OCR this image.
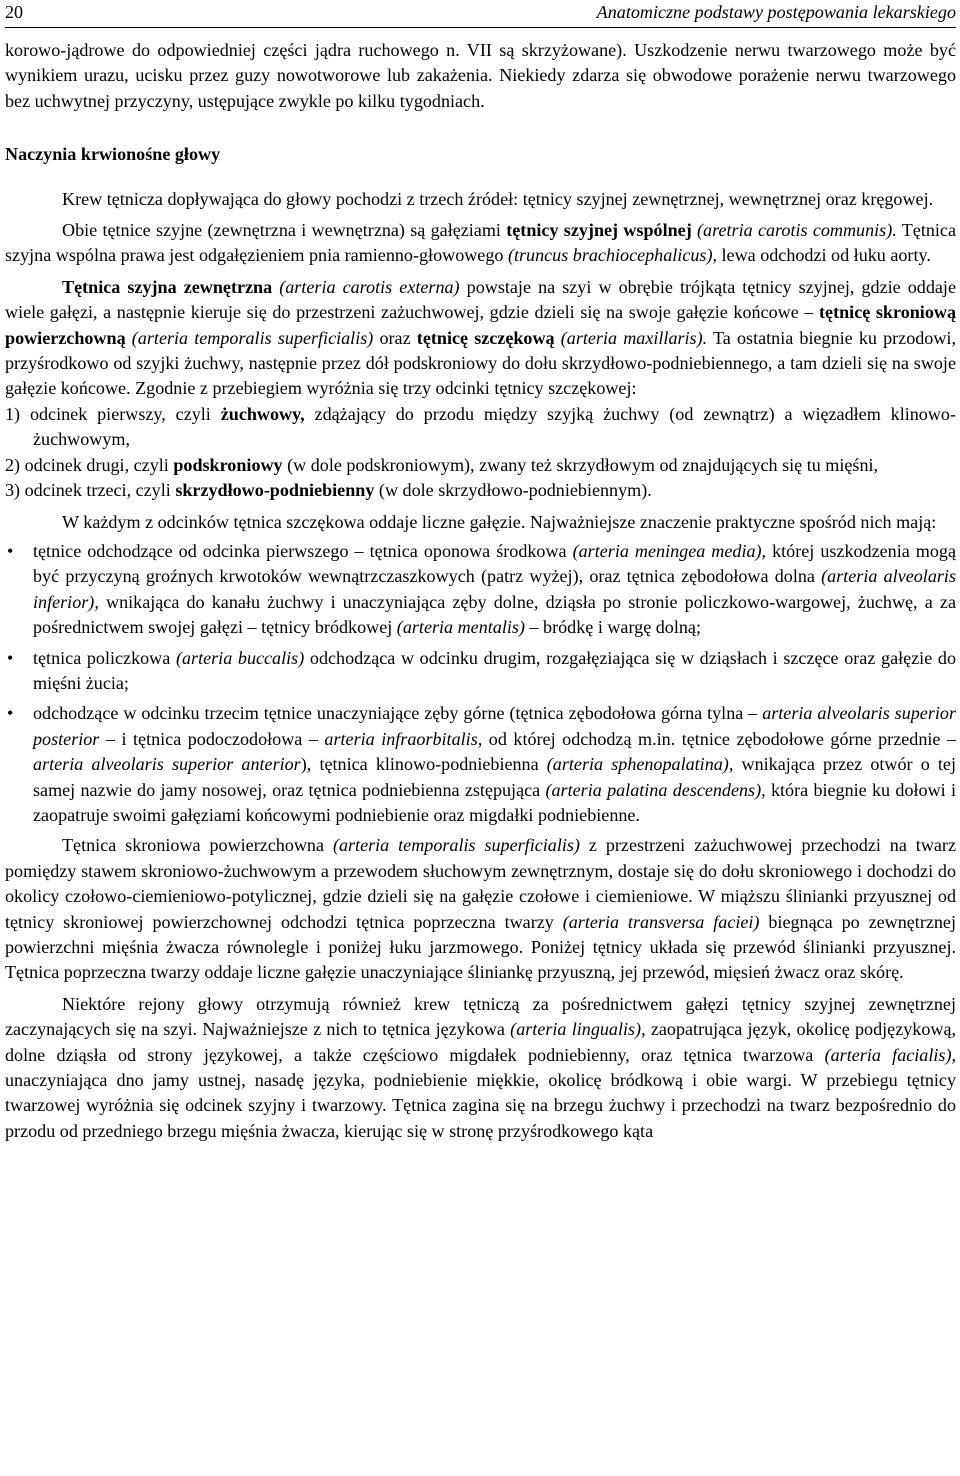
20	Anatomiczne podstawy postępowania lekarskiego

korowo-jądrowe do odpowiedniej części jądra ruchowego n. VII są skrzyżowane). Uszkodzenie nerwu twarzowego może być wynikiem urazu, ucisku przez guzy nowotworowe lub zakażenia. Niekiedy zdarza się obwodowe porażenie nerwu twarzowego bez uchwytnej przyczyny, ustępujące zwykle po kilku tygodniach.

Naczynia krwionośne głowy

Krew tętnicza dopływająca do głowy pochodzi z trzech źródeł: tętnicy szyjnej zewnętrznej, wewnętrznej oraz kręgowej.

Obie tętnice szyjne (zewnętrzna i wewnętrzna) są gałęziami tętnicy szyjnej wspólnej (aretria carotis communis). Tętnica szyjna wspólna prawa jest odgałęzieniem pnia ramienno-głowowego (truncus brachiocephalicus), lewa odchodzi od łuku aorty.

Tętnica szyjna zewnętrzna (arteria carotis externa) powstaje na szyi w obrębie trójkąta tętnicy szyjnej, gdzie oddaje wiele gałęzi, a następnie kieruje się do przestrzeni zażuchwowej, gdzie dzieli się na swoje gałęzie końcowe – tętnicę skroniową powierzchowną (arteria temporalis superficialis) oraz tętnicę szczękową (arteria maxillaris). Ta ostatnia biegnie ku przodowi, przyśrodkowo od szyjki żuchwy, następnie przez dół podskroniowy do dołu skrzydłowo-podniebiennego, a tam dzieli się na swoje gałęzie końcowe. Zgodnie z przebiegiem wyróżnia się trzy odcinki tętnicy szczękowej:

1) odcinek pierwszy, czyli żuchwowy, zdążający do przodu między szyjką żuchwy (od zewnątrz) a więzadłem klinowo-żuchwowym,
2) odcinek drugi, czyli podskroniowy (w dole podskroniowym), zwany też skrzydłowym od znajdujących się tu mięśni,
3) odcinek trzeci, czyli skrzydłowo-podniebienny (w dole skrzydłowo-podniebiennym).

W każdym z odcinków tętnica szczękowa oddaje liczne gałęzie. Najważniejsze znaczenie praktyczne spośród nich mają:

• tętnice odchodzące od odcinka pierwszego – tętnica oponowa środkowa (arteria meningea media), której uszkodzenia mogą być przyczyną groźnych krwotoków wewnątrzczaszkowych (patrz wyżej), oraz tętnica zębodołowa dolna (arteria alveolaris inferior), wnikająca do kanału żuchwy i unaczyniająca zęby dolne, dziąsła po stronie policzkowo-wargowej, żuchwę, a za pośrednictwem swojej gałęzi – tętnicy bródkowej (arteria mentalis) – bródkę i wargę dolną;
• tętnica policzkowa (arteria buccalis) odchodząca w odcinku drugim, rozgałęziająca się w dziąsłach i szczęce oraz gałęzie do mięśni żucia;
• odchodzące w odcinku trzecim tętnice unaczyniające zęby górne (tętnica zębodołowa górna tylna – arteria alveolaris superior posterior – i tętnica podoczodołowa – arteria infraorbitalis, od której odchodzą m.in. tętnice zębodołowe górne przednie – arteria alveolaris superior anterior), tętnica klinowo-podniebienna (arteria sphenopalatina), wnikająca przez otwór o tej samej nazwie do jamy nosowej, oraz tętnica podniebienna zstępująca (arteria palatina descendens), która biegnie ku dołowi i zaopatruje swoimi gałęziami końcowymi podniebienie oraz migdałki podniebienne.

Tętnica skroniowa powierzchowna (arteria temporalis superficialis) z przestrzeni zażuchwowej przechodzi na twarz pomiędzy stawem skroniowo-żuchwowym a przewodem słuchowym zewnętrznym, dostaje się do dołu skroniowego i dochodzi do okolicy czołowo-ciemieniowo-potylicznej, gdzie dzieli się na gałęzie czołowe i ciemieniowe. W miąższu ślinianki przyusznej od tętnicy skroniowej powierzchownej odchodzi tętnica poprzeczna twarzy (arteria transversa faciei) biegnąca po zewnętrznej powierzchni mięśnia żwacza równolegle i poniżej łuku jarzmowego. Poniżej tętnicy układa się przewód ślinianki przyusznej. Tętnica poprzeczna twarzy oddaje liczne gałęzie unaczyniające śliniankę przyuszną, jej przewód, mięsień żwacz oraz skórę.

Niektóre rejony głowy otrzymują również krew tętniczą za pośrednictwem gałęzi tętnicy szyjnej zewnętrznej zaczynających się na szyi. Najważniejsze z nich to tętnica językowa (arteria lingualis), zaopatrująca język, okolicę podjęzykową, dolne dziąsła od strony językowej, a także częściowo migdałek podniebienny, oraz tętnica twarzowa (arteria facialis), unaczyniająca dno jamy ustnej, nasadę języka, podniebienie miękkie, okolicę bródkową i obie wargi. W przebiegu tętnicy twarzowej wyróżnia się odcinek szyjny i twarzowy. Tętnica zagina się na brzegu żuchwy i przechodzi na twarz bezpośrednio do przodu od przedniego brzegu mięśnia żwacza, kierując się w stronę przyśrodkowego kąta
